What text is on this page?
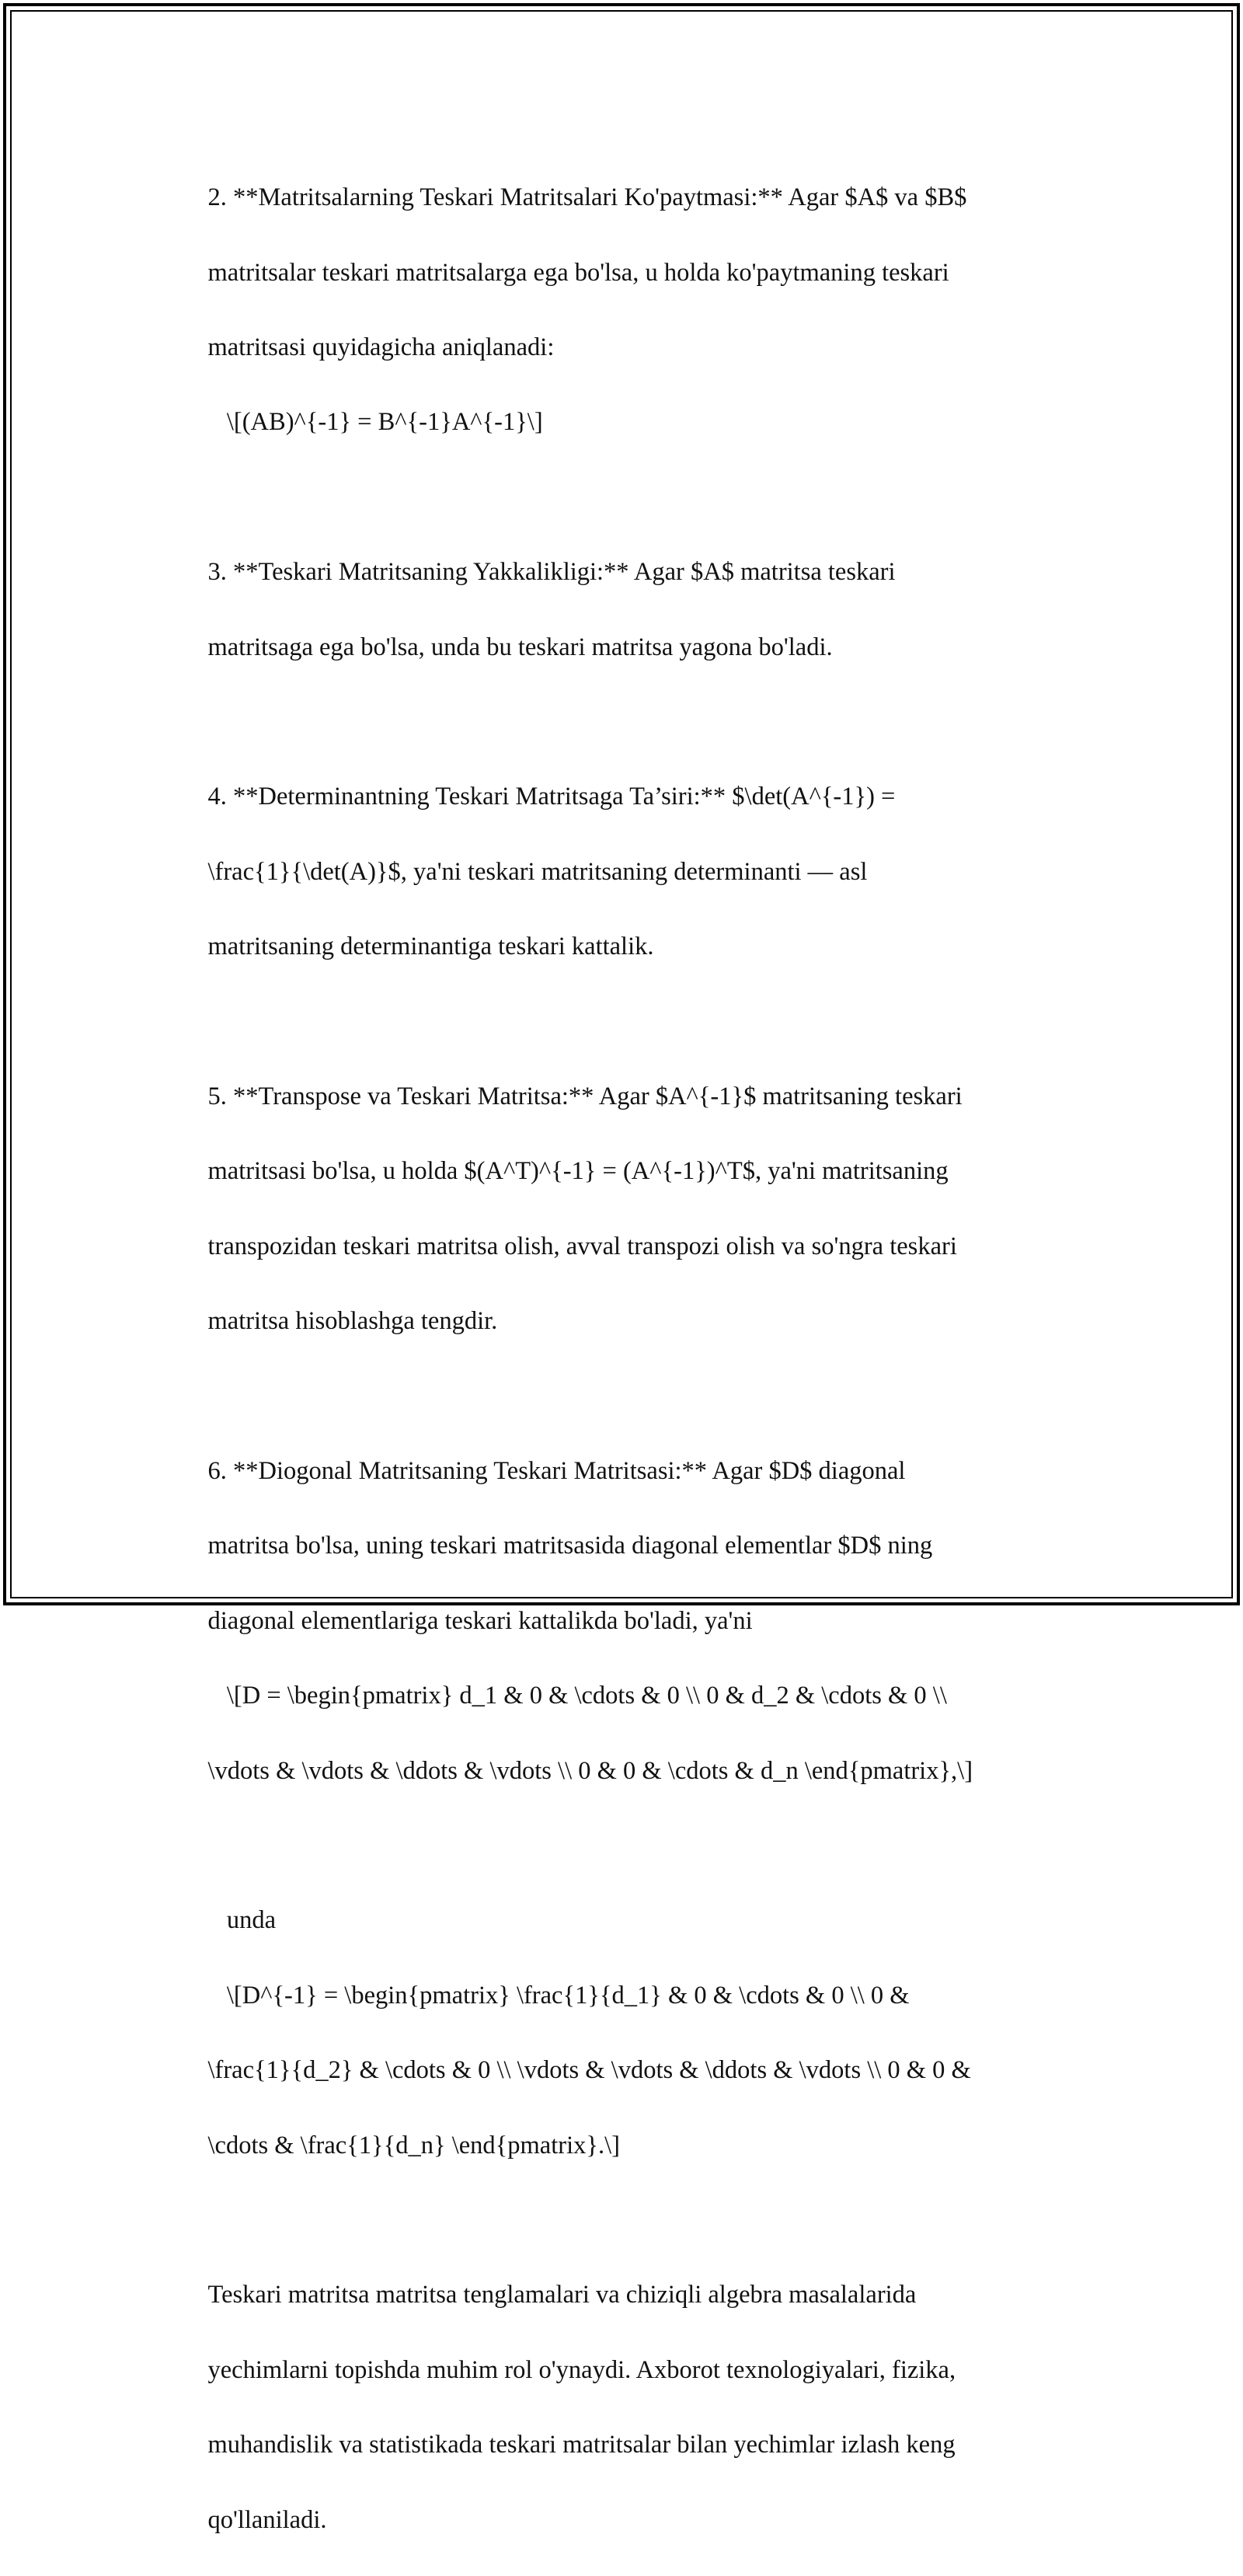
2. **Matritsalarning Teskari Matritsalari Ko'paytmasi:** Agar $A$ va $B$

matritsalar teskari matritsalarga ega bo'lsa, u holda ko'paytmaning teskari

matritsasi quyidagicha aniqlanadi:

\[(AB)^{-1} = B^{-1}A^{-1}\]

3. **Teskari Matritsaning Yakkalikligi:** Agar $A$ matritsa teskari

matritsaga ega bo'lsa, unda bu teskari matritsa yagona bo'ladi.

4. **Determinantning Teskari Matritsaga Ta’siri:** $\det(A^{-1}) =

\frac{1}{\det(A)}$, ya'ni teskari matritsaning determinanti — asl

matritsaning determinantiga teskari kattalik.

5. **Transpose va Teskari Matritsa:** Agar $A^{-1}$ matritsaning teskari

matritsasi bo'lsa, u holda $(A^T)^{-1} = (A^{-1})^T$, ya'ni matritsaning

transpozidan teskari matritsa olish, avval transpozi olish va so'ngra teskari

matritsa hisoblashga tengdir.

6. **Diogonal Matritsaning Teskari Matritsasi:** Agar $D$ diagonal

matritsa bo'lsa, uning teskari matritsasida diagonal elementlar $D$ ning

diagonal elementlariga teskari kattalikda bo'ladi, ya'ni

\[D = \begin{pmatrix} d_1 & 0 & \cdots & 0 \\ 0 & d_2 & \cdots & 0 \\

\vdots & \vdots & \ddots & \vdots \\ 0 & 0 & \cdots & d_n \end{pmatrix},\]

unda

\[D^{-1} = \begin{pmatrix} \frac{1}{d_1} & 0 & \cdots & 0 \\ 0 &

\frac{1}{d_2} & \cdots & 0 \\ \vdots & \vdots & \ddots & \vdots \\ 0 & 0 &

\cdots & \frac{1}{d_n} \end{pmatrix}.\]

Teskari matritsa matritsa tenglamalari va chiziqli algebra masalalarida

yechimlarni topishda muhim rol o'ynaydi. Axborot texnologiyalari, fizika,

muhandislik va statistikada teskari matritsalar bilan yechimlar izlash keng

qo'llaniladi.
